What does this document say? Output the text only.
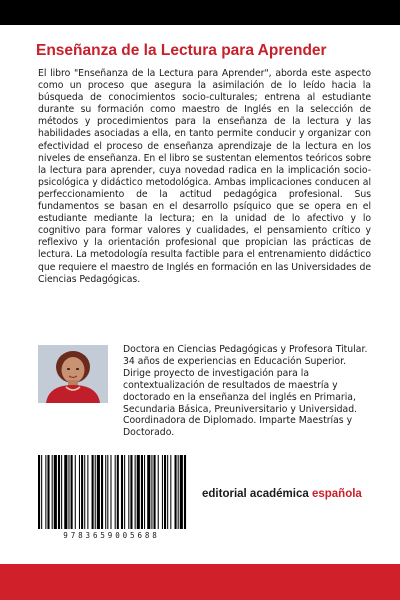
Enseñanza de la Lectura para Aprender
El libro "Enseñanza de la Lectura para Aprender", aborda este aspecto como un proceso que asegura la asimilación de lo leído hacia la búsqueda de conocimientos socio-culturales; entrena al estudiante durante su formación como maestro de Inglés en la selección de métodos y procedimientos para la enseñanza de la lectura y las habilidades asociadas a ella, en tanto permite conducir y organizar con efectividad el proceso de enseñanza aprendizaje de la lectura en los niveles de enseñanza. En el libro se sustentan elementos teóricos sobre la lectura para aprender, cuya novedad radica en la implicación socio-psicológica y didáctico metodológica. Ambas implicaciones conducen al perfeccionamiento de la actitud pedagógica profesional. Sus fundamentos se basan en el desarrollo psíquico que se opera en el estudiante mediante la lectura; en la unidad de lo afectivo y lo cognitivo para formar valores y cualidades, el pensamiento crítico y reflexivo y la orientación profesional que propician las prácticas de lectura. La metodología resulta factible para el entrenamiento didáctico que requiere el maestro de Inglés en formación en las Universidades de Ciencias Pedagógicas.
Doctora en Ciencias Pedagógicas y Profesora Titular. 34 años de experiencias en Educación Superior. Dirige proyecto de investigación para la contextualización de resultados de maestría y doctorado en la enseñanza del inglés en Primaria, Secundaria Básica, Preuniversitario y Universidad. Coordinadora de Diplomado. Imparte Maestrías y Doctorado.
9783659005688
editorial académica española
